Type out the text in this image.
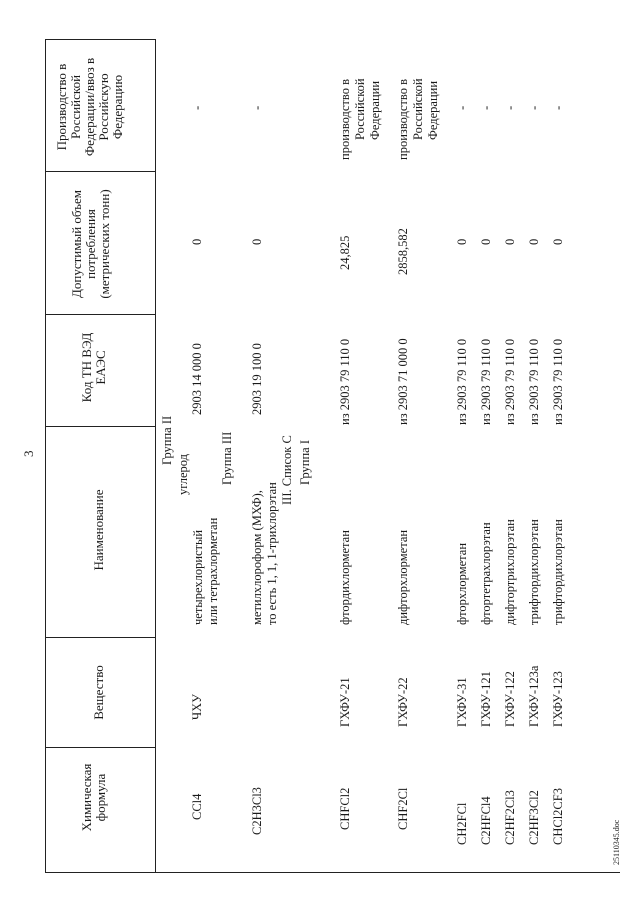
3
Химическая формула
Вещество
Наименование
Код ТН ВЭД ЕАЭС
Допустимый объем потребления (метрических тонн)
Производство в Российской Федерации/ввоз в Российскую Федерацию
Группа II	Группа III	III. Список С Группа I
CCl4
ЧХУ
углерод
четырехлористый или тетрахлорметан
2903 14 000 0
0
-
C2H3Cl3
метилхлороформ (МХФ), то есть 1, 1, 1-трихлорэтан
2903 19 100 0
0
-
CHFCl2
ГХФУ-21
фтордихлорметан
из 2903 79 110 0
24,825
производство в Российской Федерации
CHF2Cl
ГХФУ-22
дифторхлорметан
из 2903 71 000 0
2858,582
производство в Российской Федерации
CH2FCl
ГХФУ-31
фторхлорметан
из 2903 79 110 0
0
-
C2HFCl4
ГХФУ-121
фтортетрахлорэтан
из 2903 79 110 0
0
-
C2HF2Cl3
ГХФУ-122
дифтортрихлорэтан
из 2903 79 110 0
0
-
C2HF3Cl2
ГХФУ-123а
трифтордихлорэтан
из 2903 79 110 0
0
-
CHCl2CF3
ГХФУ-123
трифтордихлорэтан
из 2903 79 110 0
0
-
25110345.doc
